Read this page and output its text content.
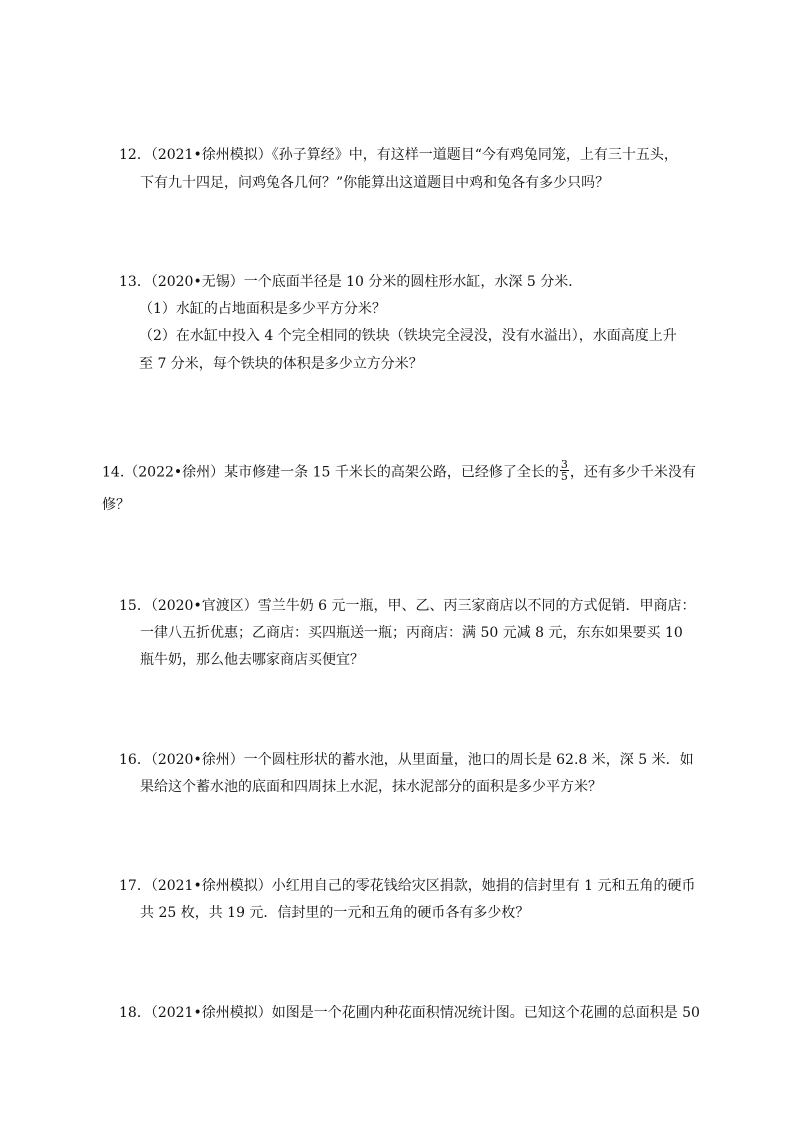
12．（2021•徐州模拟）《孙子算经》中，有这样一道题目“今有鸡兔同笼，上有三十五头，
下有九十四足，问鸡兔各几何？”你能算出这道题目中鸡和兔各有多少只吗？
13．（2020•无锡）一个底面半径是 10 分米的圆柱形水缸，水深 5 分米．
（1）水缸的占地面积是多少平方分米？
（2）在水缸中投入 4 个完全相同的铁块（铁块完全浸没，没有水溢出），水面高度上升
至 7 分米，每个铁块的体积是多少立方分米？
14.（2022•徐州）某市修建一条 15 千米长的高架公路，已经修了全长的 $\frac{3}{5}$ ，还有多少千米没有
修？
15．（2020•官渡区）雪兰牛奶 6 元一瓶，甲、乙、丙三家商店以不同的方式促销．甲商店：
一律八五折优惠；乙商店：买四瓶送一瓶；丙商店：满 50 元减 8 元，东东如果要买 10
瓶牛奶，那么他去哪家商店买便宜？
16．（2020•徐州）一个圆柱形状的蓄水池，从里面量，池口的周长是 62.8 米，深 5 米．如
果给这个蓄水池的底面和四周抹上水泥，抹水泥部分的面积是多少平方米？
17．（2021•徐州模拟）小红用自己的零花钱给灾区捐款，她捐的信封里有 1 元和五角的硬币
共 25 枚，共 19 元．信封里的一元和五角的硬币各有多少枚？
18．（2021•徐州模拟）如图是一个花圃内种花面积情况统计图。已知这个花圃的总面积是 50
